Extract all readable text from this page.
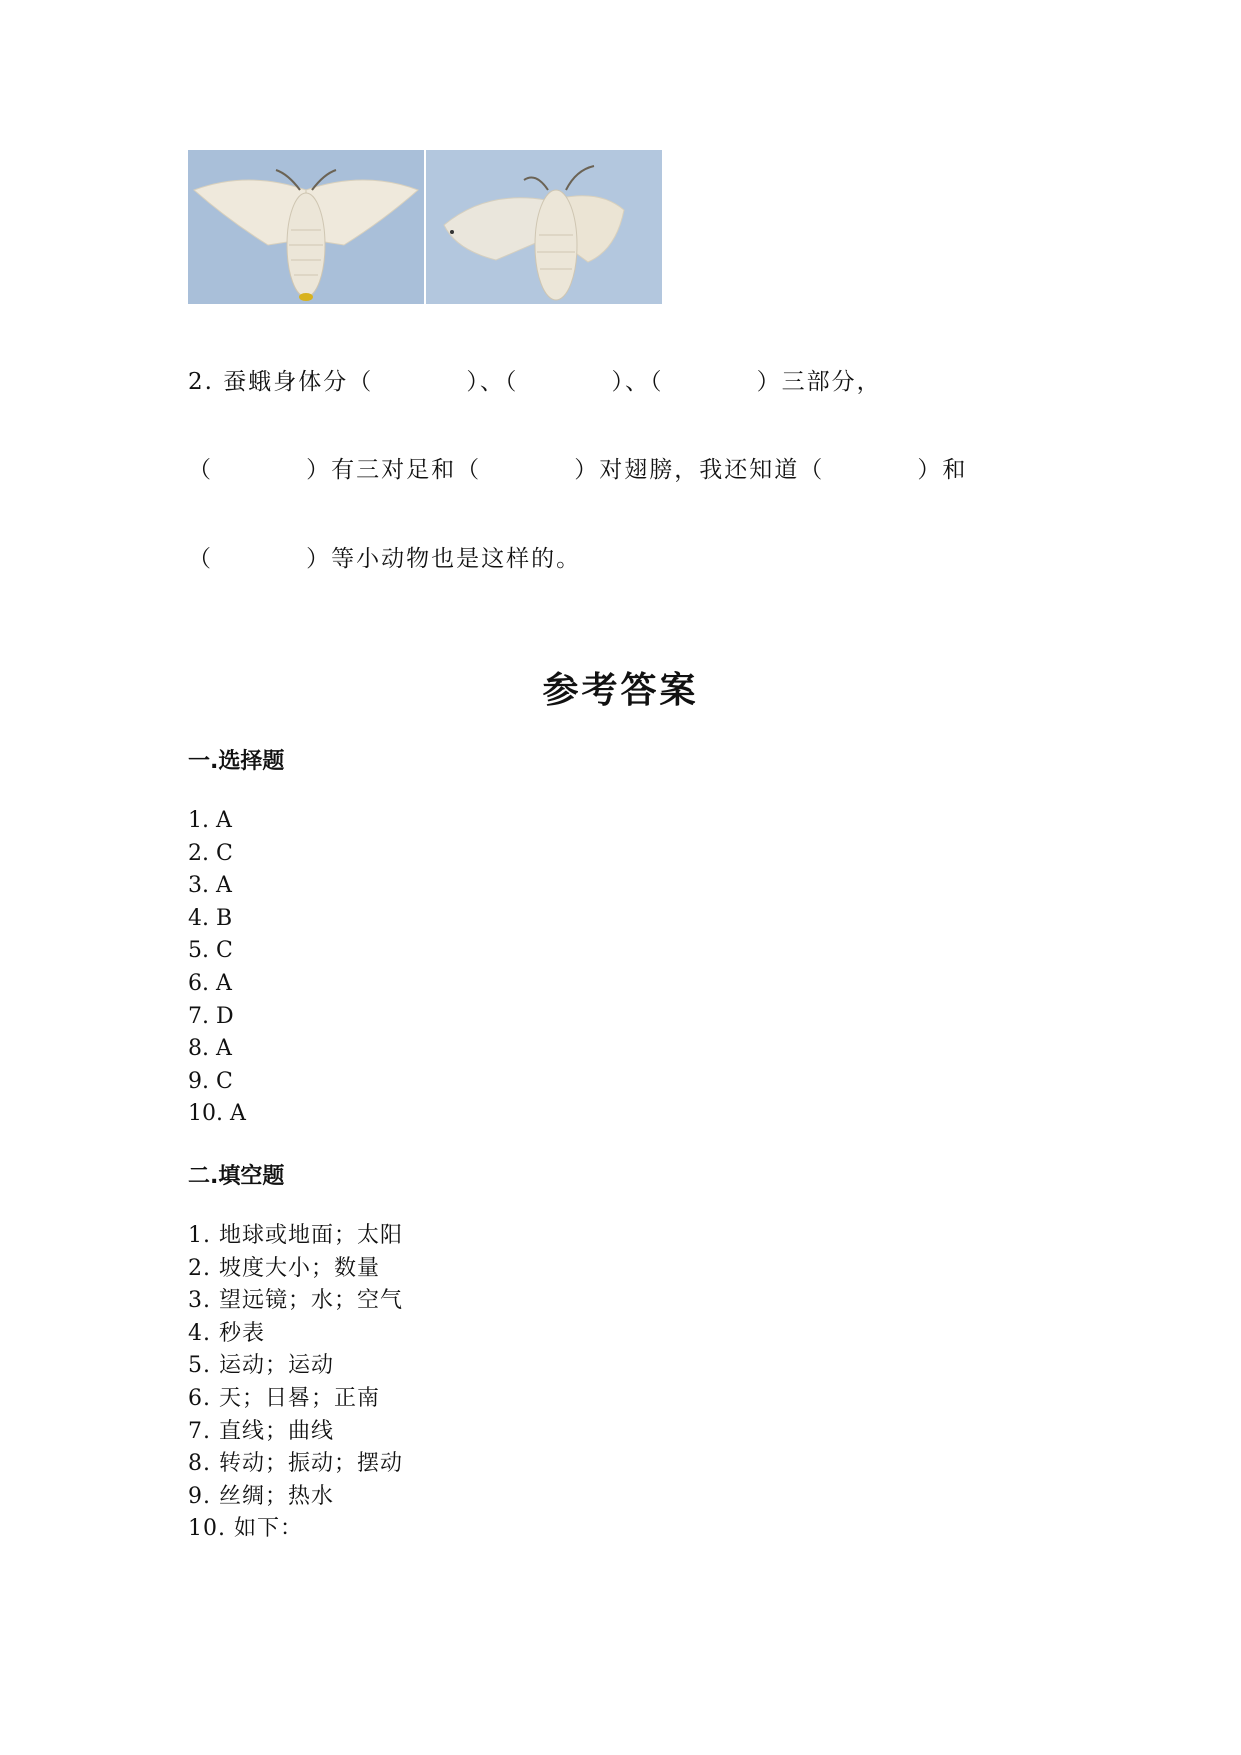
2. 蚕蛾身体分（          ）、（          ）、（          ）三部分，
（          ）有三对足和（          ）对翅膀，我还知道（          ）和
（          ）等小动物也是这样的。
参考答案
一.选择题
1. A
2. C
3. A
4. B
5. C
6. A
7. D
8. A
9. C
10. A
二.填空题
1. 地球或地面；太阳
2. 坡度大小；数量
3. 望远镜；水；空气
4. 秒表
5. 运动；运动
6. 天；日晷；正南
7. 直线；曲线
8. 转动；振动；摆动
9. 丝绸；热水
10. 如下：
